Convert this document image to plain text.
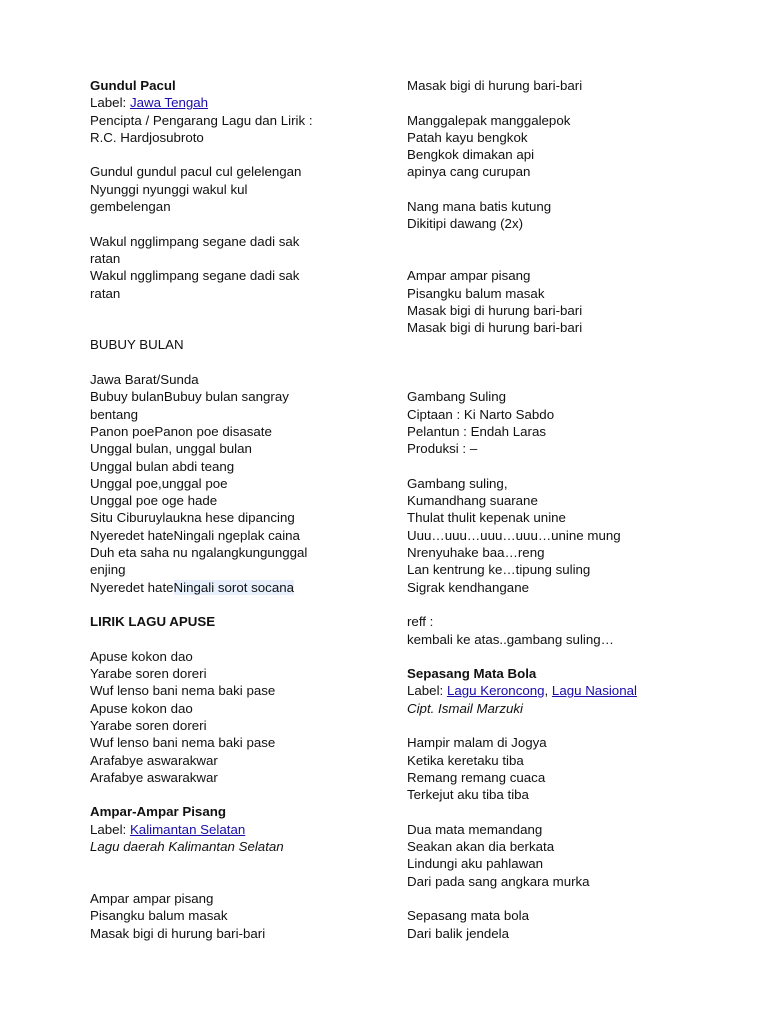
Gundul Pacul
Label: Jawa Tengah
Pencipta / Pengarang Lagu dan Lirik :
R.C. Hardjosubroto
Gundul gundul pacul cul gelelengan
Nyunggi nyunggi wakul kul
gembelengan
Wakul ngglimpang segane dadi sak
ratan
Wakul ngglimpang segane dadi sak
ratan
BUBUY BULAN
Jawa Barat/Sunda
Bubuy bulanBubuy bulan sangray
bentang
Panon poePanon poe disasate
Unggal bulan, unggal bulan
Unggal bulan abdi teang
Unggal poe,unggal poe
Unggal poe oge hade
Situ Ciburuylaukna hese dipancing
Nyeredet hateNingali ngeplak caina
Duh eta saha nu ngalangkungunggal
enjing
Nyeredet hateNingali sorot socana
LIRIK LAGU APUSE
Apuse kokon dao
Yarabe soren doreri
Wuf lenso bani nema baki pase
Apuse kokon dao
Yarabe soren doreri
Wuf lenso bani nema baki pase
Arafabye aswarakwar
Arafabye aswarakwar
Ampar-Ampar Pisang
Label: Kalimantan Selatan
Lagu daerah Kalimantan Selatan
Ampar ampar pisang
Pisangku balum masak
Masak bigi di hurung bari-bari
Masak bigi di hurung bari-bari
Manggalepak manggalepok
Patah kayu bengkok
Bengkok dimakan api
apinya cang curupan
Nang mana batis kutung
Dikitipi dawang (2x)
Ampar ampar pisang
Pisangku balum masak
Masak bigi di hurung bari-bari
Masak bigi di hurung bari-bari
Gambang Suling
Ciptaan : Ki Narto Sabdo
Pelantun : Endah Laras
Produksi : –
Gambang suling,
Kumandhang suarane
Thulat thulit kepenak unine
Uuu…uuu…uuu…uuu…unine mung
Nrenyuhake baa…reng
Lan kentrung ke…tipung suling
Sigrak kendhangane
reff :
kembali ke atas..gambang suling…
Sepasang Mata Bola
Label: Lagu Keroncong, Lagu Nasional
Cipt. Ismail Marzuki
Hampir malam di Jogya
Ketika keretaku tiba
Remang remang cuaca
Terkejut aku tiba tiba
Dua mata memandang
Seakan akan dia berkata
Lindungi aku pahlawan
Dari pada sang angkara murka
Sepasang mata bola
Dari balik jendela
